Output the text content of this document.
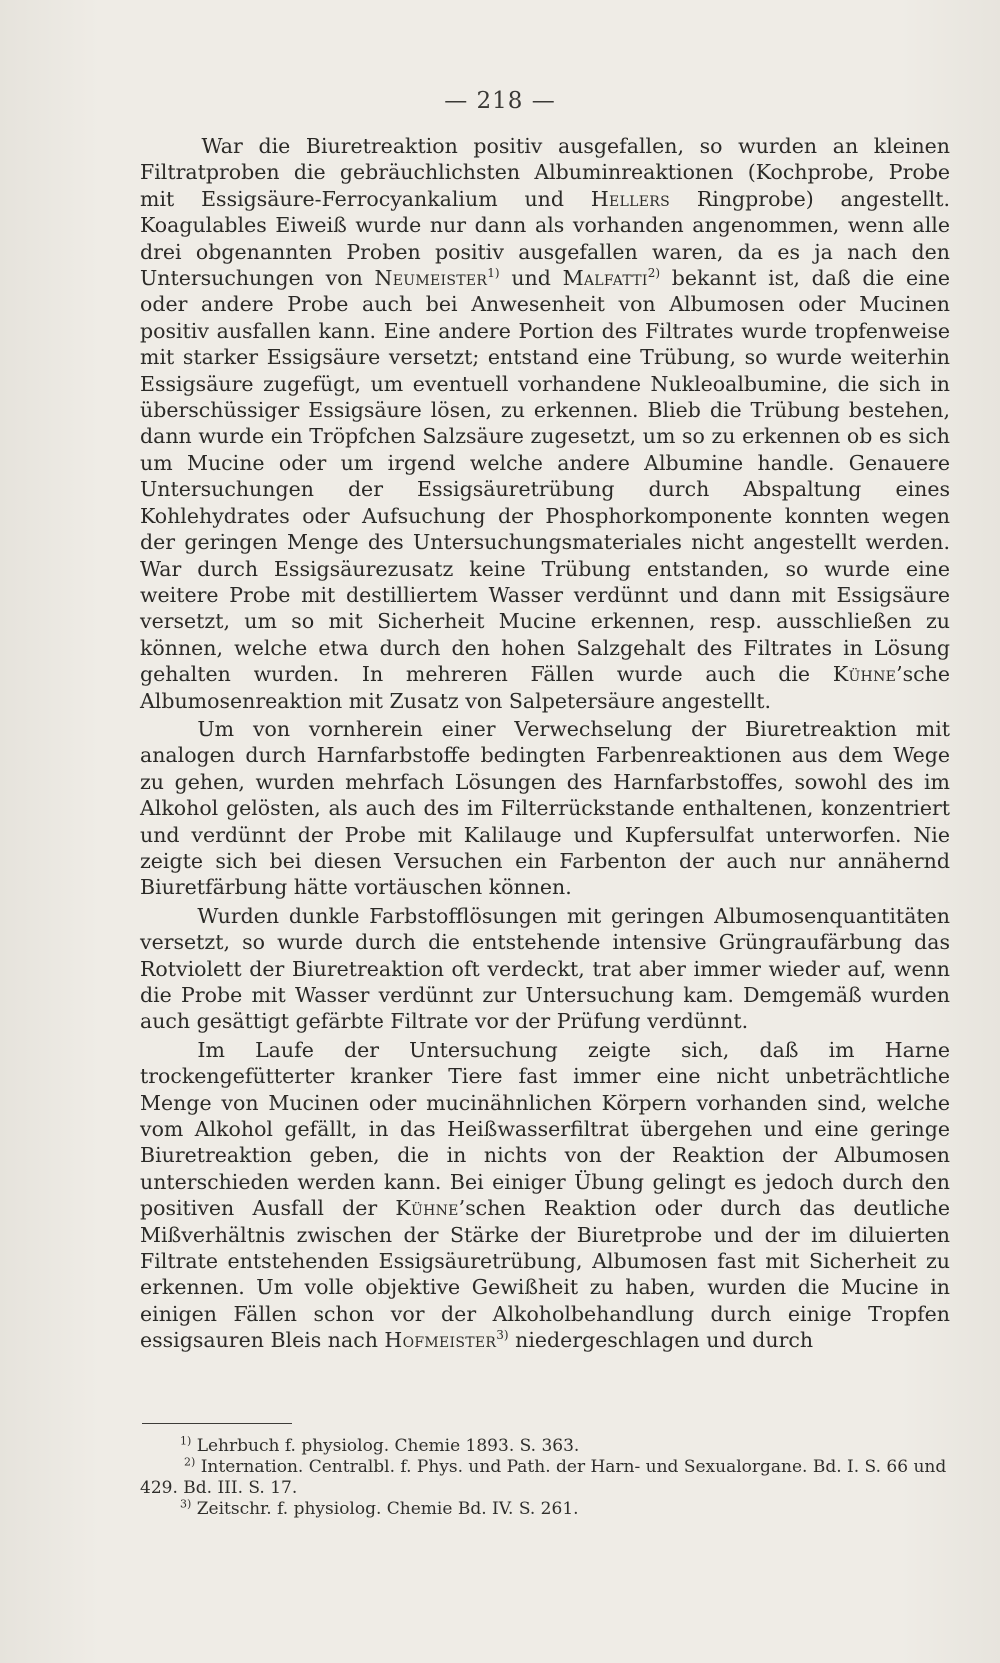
— 218 —

War die Biuretreaktion positiv ausgefallen, so wurden an kleinen Filtratproben die gebräuchlichsten Albuminreaktionen (Kochprobe, Probe mit Essigsäure-Ferrocyankalium und Hellers Ringprobe) angestellt. Koagulables Eiweiß wurde nur dann als vorhanden angenommen, wenn alle drei obgenannten Proben positiv ausgefallen waren, da es ja nach den Untersuchungen von Neumeister$^{1)}$ und Malfatti$^{2)}$ bekannt ist, daß die eine oder andere Probe auch bei Anwesenheit von Albumosen oder Mucinen positiv ausfallen kann. Eine andere Portion des Filtrates wurde tropfenweise mit starker Essigsäure versetzt; entstand eine Trübung, so wurde weiterhin Essigsäure zugefügt, um eventuell vorhandene Nukleoalbumine, die sich in überschüssiger Essigsäure lösen, zu erkennen. Blieb die Trübung bestehen, dann wurde ein Tröpfchen Salzsäure zugesetzt, um so zu erkennen ob es sich um Mucine oder um irgend welche andere Albumine handle. Genauere Untersuchungen der Essigsäuretrübung durch Abspaltung eines Kohlehydrates oder Aufsuchung der Phosphorkomponente konnten wegen der geringen Menge des Untersuchungsmateriales nicht angestellt werden. War durch Essigsäurezusatz keine Trübung entstanden, so wurde eine weitere Probe mit destilliertem Wasser verdünnt und dann mit Essigsäure versetzt, um so mit Sicherheit Mucine erkennen, resp. ausschließen zu können, welche etwa durch den hohen Salzgehalt des Filtrates in Lösung gehalten wurden. In mehreren Fällen wurde auch die Kühne’sche Albumosenreaktion mit Zusatz von Salpetersäure angestellt.

Um von vornherein einer Verwechselung der Biuretreaktion mit analogen durch Harnfarbstoffe bedingten Farbenreaktionen aus dem Wege zu gehen, wurden mehrfach Lösungen des Harnfarbstoffes, sowohl des im Alkohol gelösten, als auch des im Filterrückstande enthaltenen, konzentriert und verdünnt der Probe mit Kalilauge und Kupfersulfat unterworfen. Nie zeigte sich bei diesen Versuchen ein Farbenton der auch nur annähernd Biuretfärbung hätte vortäuschen können.

Wurden dunkle Farbstofflösungen mit geringen Albumosenquantitäten versetzt, so wurde durch die entstehende intensive Grüngraufärbung das Rotviolett der Biuretreaktion oft verdeckt, trat aber immer wieder auf, wenn die Probe mit Wasser verdünnt zur Untersuchung kam. Demgemäß wurden auch gesättigt gefärbte Filtrate vor der Prüfung verdünnt.

Im Laufe der Untersuchung zeigte sich, daß im Harne trockengefütterter kranker Tiere fast immer eine nicht unbeträchtliche Menge von Mucinen oder mucinähnlichen Körpern vorhanden sind, welche vom Alkohol gefällt, in das Heißwasserfiltrat übergehen und eine geringe Biuretreaktion geben, die in nichts von der Reaktion der Albumosen unterschieden werden kann. Bei einiger Übung gelingt es jedoch durch den positiven Ausfall der Kühne’schen Reaktion oder durch das deutliche Mißverhältnis zwischen der Stärke der Biuretprobe und der im diluierten Filtrate entstehenden Essigsäuretrübung, Albumosen fast mit Sicherheit zu erkennen. Um volle objektive Gewißheit zu haben, wurden die Mucine in einigen Fällen schon vor der Alkoholbehandlung durch einige Tropfen essigsauren Bleis nach Hofmeister$^{3)}$ niedergeschlagen und durch

$^{1)}$ Lehrbuch f. physiolog. Chemie 1893. S. 363.

$^{2)}$ Internation. Centralbl. f. Phys. und Path. der Harn- und Sexualorgane. Bd. I. S. 66 und 429. Bd. III. S. 17.

$^{3)}$ Zeitschr. f. physiolog. Chemie Bd. IV. S. 261.
